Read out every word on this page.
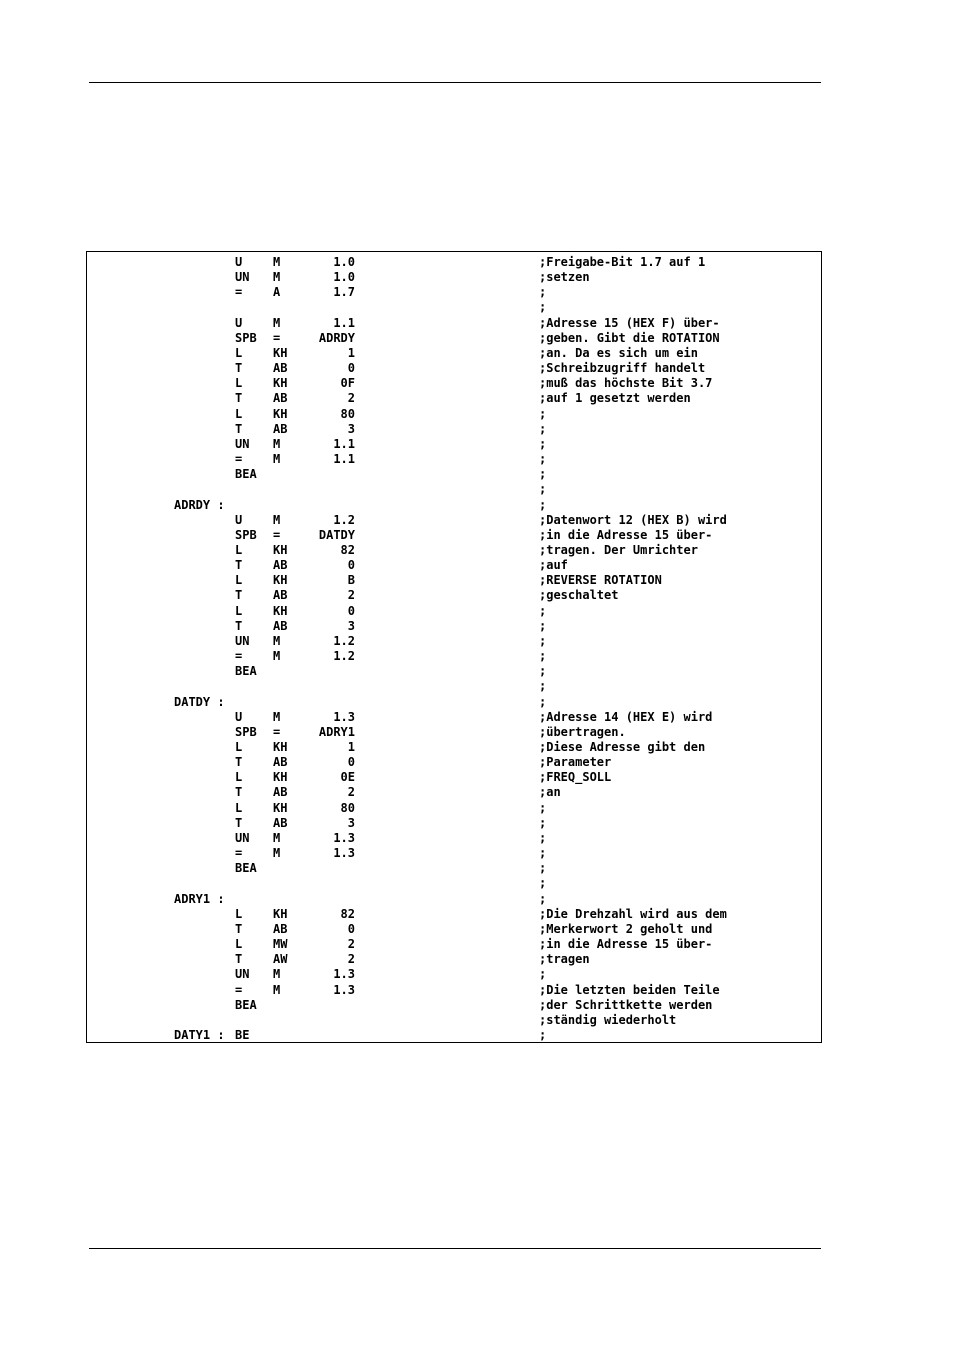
U	M	1.0	;Freigabe-Bit 1.7 auf 1
UN M	1.0	;setzen
=	A	1.7	;
;
U	M	1.1	;Adresse 15 (HEX F) über-
SPB =	ADRDY	;geben. Gibt die ROTATION
L	KH	1	;an. Da es sich um ein
T	AB	0	;Schreibzugriff handelt
L	KH	0F	;muß das höchste Bit 3.7
T	AB	2	;auf 1 gesetzt werden
L	KH	80	;
T	AB	3	;
UN M	1.1	;
=	M	1.1	;
BEA	;
;
ADRDY :	;
U	M	1.2	;Datenwort 12 (HEX B) wird
SPB =	DATDY	;in die Adresse 15 über-
L	KH	82	;tragen. Der Umrichter
T	AB	0	;auf
L	KH	B	;REVERSE ROTATION
T	AB	2	;geschaltet
L	KH	0	;
T	AB	3	;
UN M	1.2	;
=	M	1.2	;
BEA	;
;
DATDY :	;
U	M	1.3	;Adresse 14 (HEX E) wird
SPB =	ADRY1	;übertragen.
L	KH	1	;Diese Adresse gibt den
T	AB	0	;Parameter
L	KH	0E	;FREQ_SOLL
T	AB	2	;an
L	KH	80	;
T	AB	3	;
UN M	1.3	;
=	M	1.3	;
BEA	;
;
ADRY1 :	;
L	KH	82	;Die Drehzahl wird aus dem
T	AB	0	;Merkerwort 2 geholt und
L	MW	2	;in die Adresse 15 über-
T	AW	2	;tragen
UN M	1.3	;
=	M	1.3	;Die letzten beiden Teile
BEA	;der Schrittkette werden
;ständig wiederholt
DATY1 : BE	;
